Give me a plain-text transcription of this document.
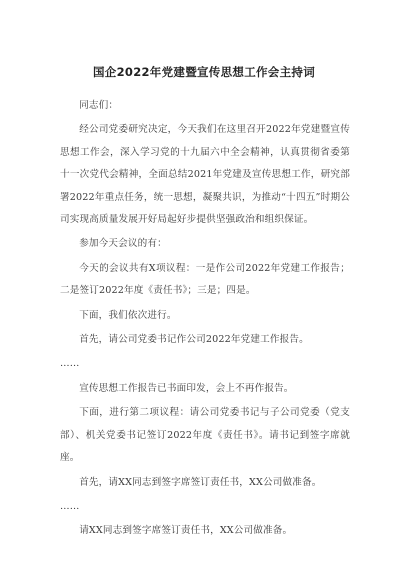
国企2022年党建暨宣传思想工作会主持词

同志们：

经公司党委研究决定，今天我们在这里召开2022年党建暨宣传思想工作会，深入学习党的十九届六中全会精神，认真贯彻省委第十一次党代会精神，全面总结2021年党建及宣传思想工作，研究部署2022年重点任务，统一思想，凝聚共识，为推动“十四五”时期公司实现高质量发展开好局起好步提供坚强政治和组织保证。

参加今天会议的有：

今天的会议共有X项议程：一是作公司2022年党建工作报告；二是签订2022年度《责任书》；三是；四是。

下面，我们依次进行。

首先，请公司党委书记作公司2022年党建工作报告。

……

宣传思想工作报告已书面印发，会上不再作报告。

下面，进行第二项议程：请公司党委书记与子公司党委（党支部）、机关党委书记签订2022年度《责任书》。请书记到签字席就座。

首先，请XX同志到签字席签订责任书，XX公司做准备。

……

请XX同志到签字席签订责任书，XX公司做准备。
